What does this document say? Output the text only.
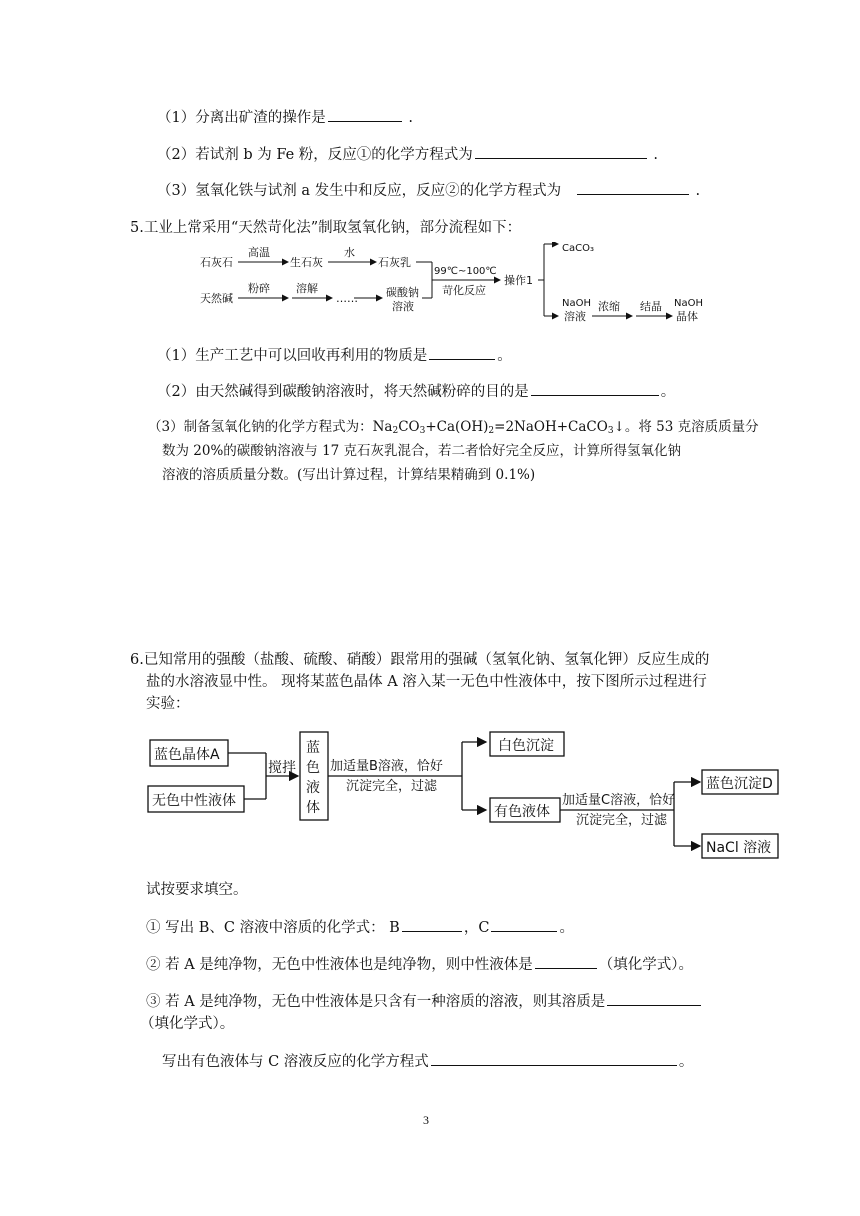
（1）分离出矿渣的操作是	.
（2）若试剂 b 为 Fe 粉，反应①的化学方程式为	.
（3）氢氧化铁与试剂 a 发生中和反应，反应②的化学方程式为	.
5.工业上常采用“天然苛化法”制取氢氧化钠，部分流程如下：
石灰石
高温
生石灰
水
石灰乳
天然碱
粉碎 溶解
……	碳酸钠
溶液
99℃~100℃
苛化反应
操作1
CaCO₃
NaOH
溶液
浓缩 结晶 NaOH
晶体
（1）生产工艺中可以回收再利用的物质是	。
（2）由天然碱得到碳酸钠溶液时，将天然碱粉碎的目的是	。
（3）制备氢氧化钠的化学方程式为：$Na_2CO_3+Ca(OH)_2=2NaOH+CaCO_3↓$。将 53 克溶质质量分
数为 20%的碳酸钠溶液与 17 克石灰乳混合，若二者恰好完全反应，计算所得氢氧化钠
溶液的溶质质量分数。(写出计算过程，计算结果精确到 0.1%)
6.已知常用的强酸（盐酸、硫酸、硝酸）跟常用的强碱（氢氧化钠、氢氧化钾）反应生成的
盐的水溶液显中性。 现将某蓝色晶体 A 溶入某一无色中性液体中，按下图所示过程进行
实验：
蓝色晶体A
无色中性液体
搅拌
蓝
色
液
体
加适量B溶液，恰好
沉淀完全，过滤
白色沉淀
有色液体
加适量C溶液，恰好
沉淀完全，过滤
蓝色沉淀D
NaCl 溶液
试按要求填空。
① 写出 B、C 溶液中溶质的化学式： B	，C	。
② 若 A 是纯净物，无色中性液体也是纯净物，则中性液体是	（填化学式）。
③ 若 A 是纯净物，无色中性液体是只含有一种溶质的溶液，则其溶质是
（填化学式）。
写出有色液体与 C 溶液反应的化学方程式	。
3
